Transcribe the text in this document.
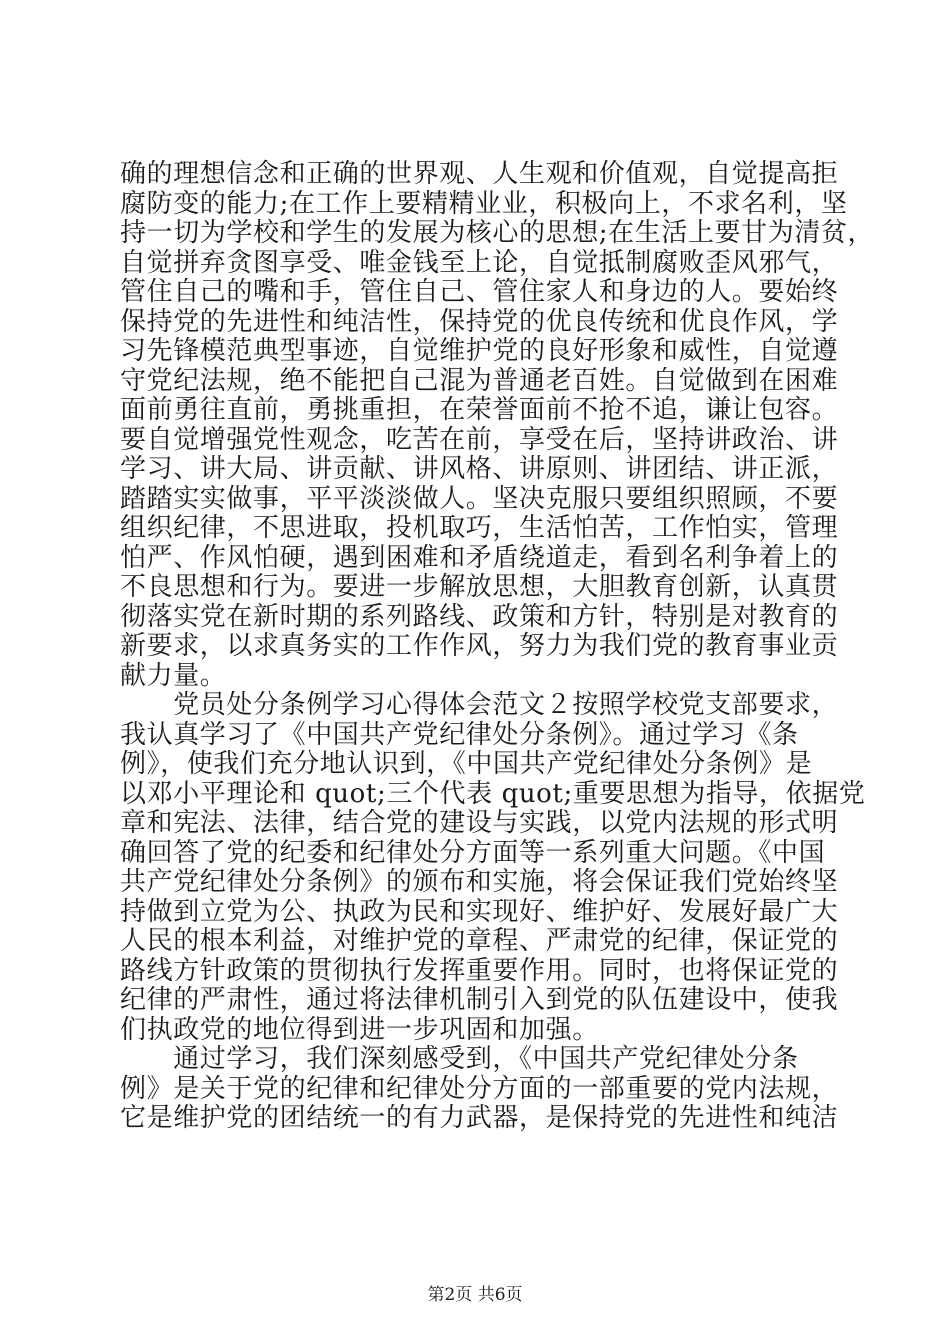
确的理想信念和正确的世界观、人生观和价值观，自觉提高拒
腐防变的能力;在工作上要精精业业，积极向上，不求名利，坚
持一切为学校和学生的发展为核心的思想;在生活上要甘为清贫，
自觉拼弃贪图享受、唯金钱至上论，自觉抵制腐败歪风邪气，
管住自己的嘴和手，管住自己、管住家人和身边的人。要始终
保持党的先进性和纯洁性，保持党的优良传统和优良作风，学
习先锋模范典型事迹，自觉维护党的良好形象和威性，自觉遵
守党纪法规，绝不能把自己混为普通老百姓。自觉做到在困难
面前勇往直前，勇挑重担，在荣誉面前不抢不追，谦让包容。
要自觉增强党性观念，吃苦在前，享受在后，坚持讲政治、讲
学习、讲大局、讲贡献、讲风格、讲原则、讲团结、讲正派，
踏踏实实做事，平平淡淡做人。坚决克服只要组织照顾，不要
组织纪律，不思进取，投机取巧，生活怕苦，工作怕实，管理
怕严、作风怕硬，遇到困难和矛盾绕道走，看到名利争着上的
不良思想和行为。要进一步解放思想，大胆教育创新，认真贯
彻落实党在新时期的系列路线、政策和方针，特别是对教育的
新要求，以求真务实的工作作风，努力为我们党的教育事业贡
献力量。
　　党员处分条例学习心得体会范文２按照学校党支部要求，
我认真学习了《中国共产党纪律处分条例》。通过学习《条
例》，使我们充分地认识到，《中国共产党纪律处分条例》是
以邓小平理论和 quot;三个代表 quot;重要思想为指导，依据党
章和宪法、法律，结合党的建设与实践，以党内法规的形式明
确回答了党的纪委和纪律处分方面等一系列重大问题。《中国
共产党纪律处分条例》的颁布和实施，将会保证我们党始终坚
持做到立党为公、执政为民和实现好、维护好、发展好最广大
人民的根本利益，对维护党的章程、严肃党的纪律，保证党的
路线方针政策的贯彻执行发挥重要作用。同时，也将保证党的
纪律的严肃性，通过将法律机制引入到党的队伍建设中，使我
们执政党的地位得到进一步巩固和加强。
　　通过学习，我们深刻感受到，《中国共产党纪律处分条
例》是关于党的纪律和纪律处分方面的一部重要的党内法规，
它是维护党的团结统一的有力武器，是保持党的先进性和纯洁
第2页 共6页
